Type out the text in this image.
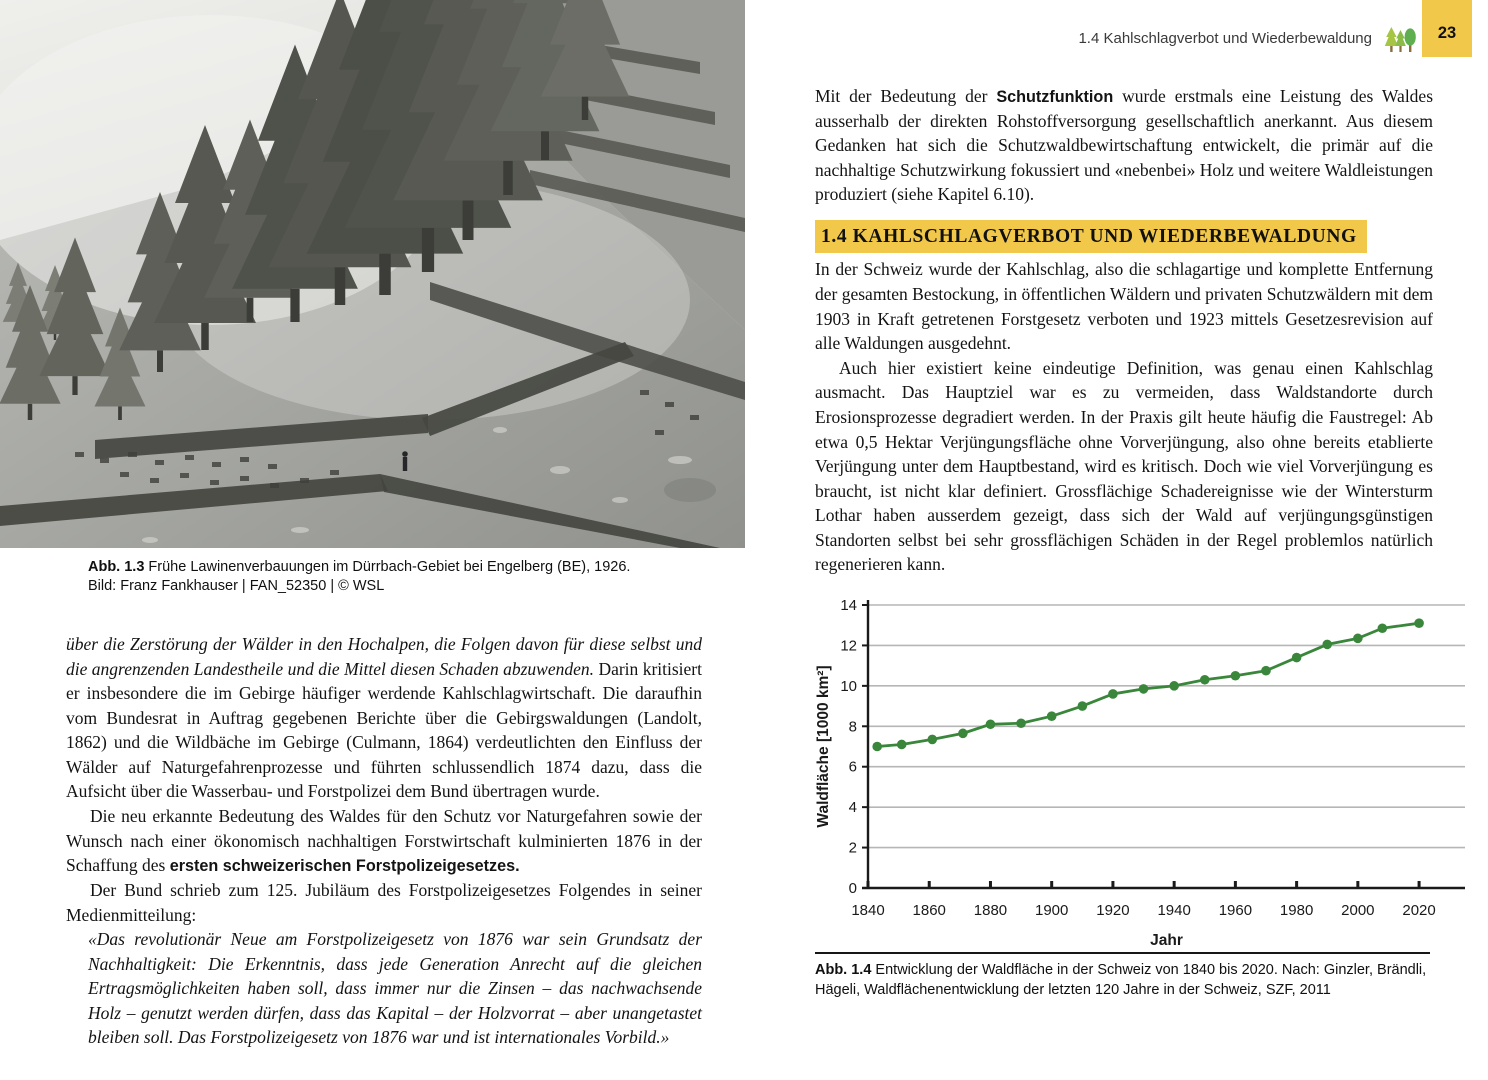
Abb. 1.3 Frühe Lawinenverbauungen im Dürrbach-Gebiet bei Engelberg (BE), 1926.
Bild: Franz Fankhauser | FAN_52350 | © WSL
1.4 Kahlschlagverbot und Wiederbewaldung	23

über die Zerstörung der Wälder in den Hochalpen, die Folgen davon für diese selbst und die angrenzenden Landestheile und die Mittel diesen Schaden abzuwenden. Darin kritisiert er insbesondere die im Gebirge häufiger werdende Kahlschlagwirtschaft. Die daraufhin vom Bundesrat in Auftrag gegebenen Berichte über die Gebirgswaldungen (Landolt, 1862) und die Wildbäche im Gebirge (Culmann, 1864) verdeutlichten den Einfluss der Wälder auf Naturgefahrenprozesse und führten schlussendlich 1874 dazu, dass die Aufsicht über die Wasserbau- und Forstpolizei dem Bund übertragen wurde.

Die neu erkannte Bedeutung des Waldes für den Schutz vor Naturgefahren sowie der Wunsch nach einer ökonomisch nachhaltigen Forstwirtschaft kulminierten 1876 in der Schaffung des ersten schweizerischen Forstpolizeigesetzes.

Der Bund schrieb zum 125. Jubiläum des Forstpolizeigesetzes Folgendes in seiner Medienmitteilung:

«Das revolutionär Neue am Forstpolizeigesetz von 1876 war sein Grundsatz der Nachhaltigkeit: Die Erkenntnis, dass jede Generation Anrecht auf die gleichen Ertragsmöglichkeiten haben soll, dass immer nur die Zinsen – das nachwachsende Holz – genutzt werden dürfen, dass das Kapital – der Holzvorrat – aber unangetastet bleiben soll. Das Forstpolizeigesetz von 1876 war und ist internationales Vorbild.»

Mit der Bedeutung der Schutzfunktion wurde erstmals eine Leistung des Waldes ausserhalb der direkten Rohstoffversorgung gesellschaftlich anerkannt. Aus diesem Gedanken hat sich die Schutzwaldbewirtschaftung entwickelt, die primär auf die nachhaltige Schutzwirkung fokussiert und «nebenbei» Holz und weitere Waldleistungen produziert (siehe Kapitel 6.10).

1.4 KAHLSCHLAGVERBOT UND WIEDERBEWALDUNG

In der Schweiz wurde der Kahlschlag, also die schlagartige und komplette Entfernung der gesamten Bestockung, in öffentlichen Wäldern und privaten Schutzwäldern mit dem 1903 in Kraft getretenen Forstgesetz verboten und 1923 mittels Gesetzesrevision auf alle Waldungen ausgedehnt.

Auch hier existiert keine eindeutige Definition, was genau einen Kahlschlag ausmacht. Das Hauptziel war es zu vermeiden, dass Waldstandorte durch Erosionsprozesse degradiert werden. In der Praxis gilt heute häufig die Faustregel: Ab etwa 0,5 Hektar Verjüngungsfläche ohne Vorverjüngung, also ohne bereits etablierte Verjüngung unter dem Hauptbestand, wird es kritisch. Doch wie viel Vorverjüngung es braucht, ist nicht klar definiert. Grossflächige Schadereignisse wie der Wintersturm Lothar haben ausserdem gezeigt, dass sich der Wald auf verjüngungsgünstigen Standorten selbst bei sehr grossflächigen Schäden in der Regel problemlos natürlich regenerieren kann.

0
2
4
6
8
10
12
14
1840 1860 1880 1900 1920 1940 1960 1980 2000 2020
Jahr
Waldfläche [1000 km²]
Abb. 1.4 Entwicklung der Waldfläche in der Schweiz von 1840 bis 2020. Nach: Ginzler, Brändli, Hägeli, Waldflächenentwicklung der letzten 120 Jahre in der Schweiz, SZF, 2011
